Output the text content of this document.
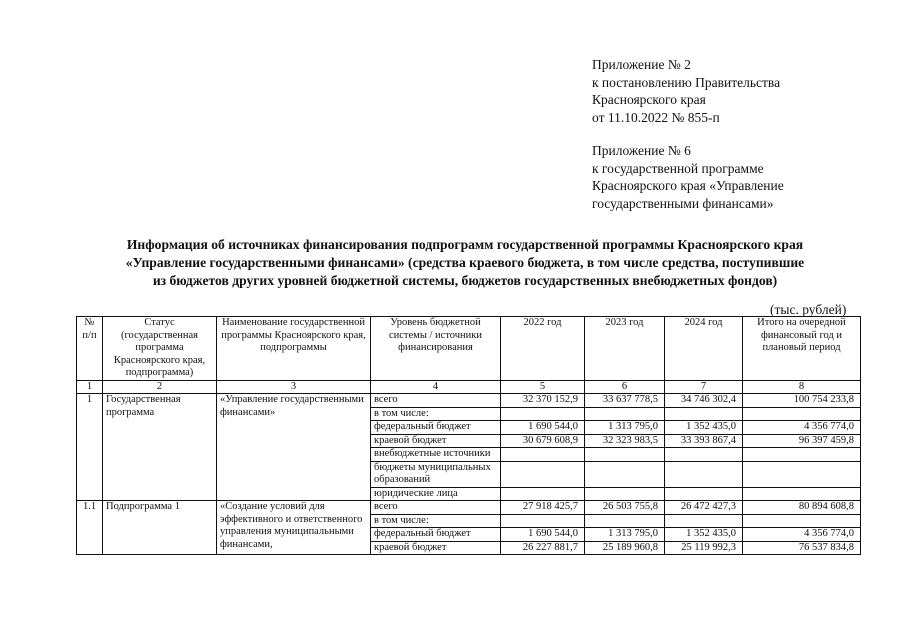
Приложение № 2

к постановлению Правительства

Красноярского края

от 11.10.2022 № 855-п

Приложение № 6

к государственной программе

Красноярского края «Управление

государственными финансами»

Информация об источниках финансирования подпрограмм государственной программы Красноярского края

«Управление государственными финансами» (средства краевого бюджета, в том числе средства, поступившие

из бюджетов других уровней бюджетной системы, бюджетов государственных внебюджетных фондов)

(тыс. рублей)
№ п/п	Статус (государственная программа Красноярского края, подпрограмма)	Наименование государственной программы Красноярского края, подпрограммы	Уровень бюджетной системы / источники финансирования	2022 год	2023 год	2024 год	Итого на очередной финансовый год и плановый период
1	2	3	4	5	6	7	8
1	Государственная программа	«Управление государственными финансами»	всего	32 370 152,9	33 637 778,5	34 746 302,4	100 754 233,8
			в том числе:				
			федеральный бюджет	1 690 544,0	1 313 795,0	1 352 435,0	4 356 774,0
			краевой бюджет	30 679 608,9	32 323 983,5	33 393 867,4	96 397 459,8
			внебюджетные источники				
			бюджеты муниципальных образований				
			юридические лица				
1.1	Подпрограмма 1	«Создание условий для эффективного и ответственного управления муниципальными финансами,	всего	27 918 425,7	26 503 755,8	26 472 427,3	80 894 608,8
			в том числе:				
			федеральный бюджет	1 690 544,0	1 313 795,0	1 352 435,0	4 356 774,0
			краевой бюджет	26 227 881,7	25 189 960,8	25 119 992,3	76 537 834,8
